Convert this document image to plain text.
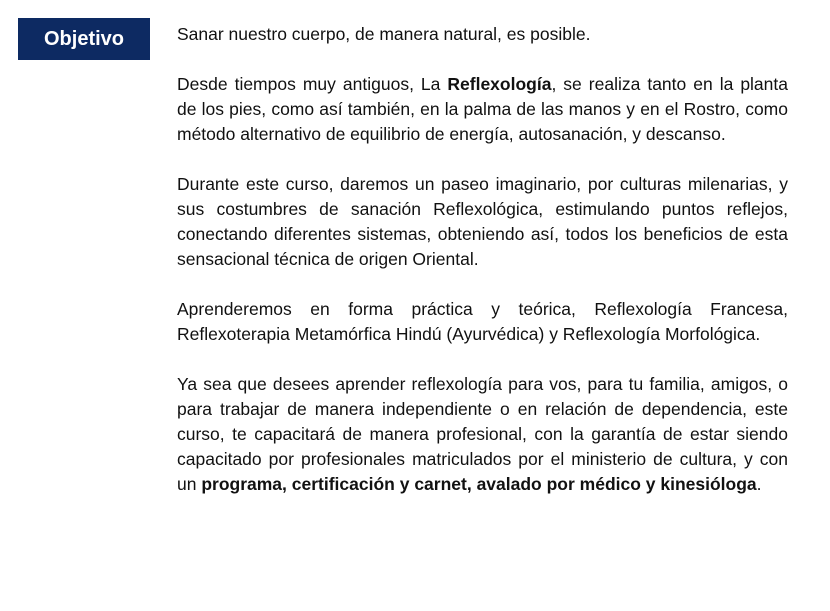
Objetivo	Sanar nuestro cuerpo, de manera natural, es posible.

Desde tiempos muy antiguos, La Reflexología, se realiza tanto en la planta de los pies, como así también, en la palma de las manos y en el Rostro, como método alternativo de equilibrio de energía, autosanación, y descanso.

Durante este curso, daremos un paseo imaginario, por culturas milenarias, y sus costumbres de sanación Reflexológica, estimulando puntos reflejos, conectando diferentes sistemas, obteniendo así, todos los beneficios de esta sensacional técnica de origen Oriental.

Aprenderemos en forma práctica y teórica, Reflexología Francesa, Reflexoterapia Metamórfica Hindú (Ayurvédica) y Reflexología Morfológica.

Ya sea que desees aprender reflexología para vos, para tu familia, amigos, o para trabajar de manera independiente o en relación de dependencia, este curso, te capacitará de manera profesional, con la garantía de estar siendo capacitado por profesionales matriculados por el ministerio de cultura, y con un programa, certificación y carnet, avalado por médico y kinesióloga.
